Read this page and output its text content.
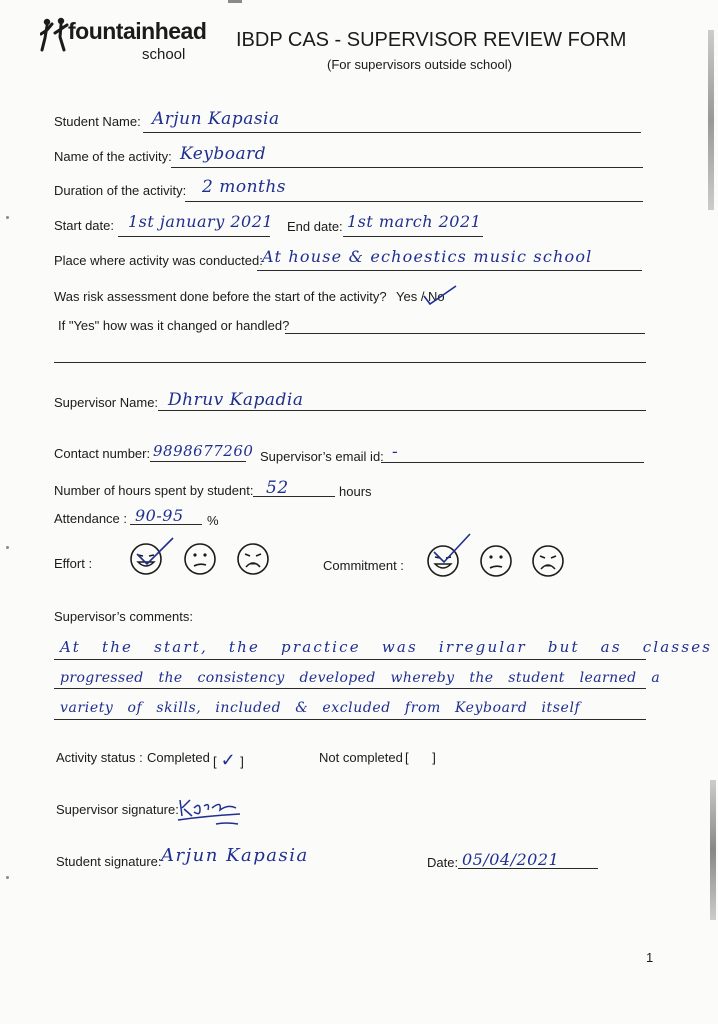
fountainhead
school
IBDP CAS - SUPERVISOR REVIEW FORM
(For supervisors outside school)
Student Name: Arjun Kapasia
Name of the activity: Keyboard
Duration of the activity: 2 months
Start date: 1st january 2021 End date: 1st march 2021
Place where activity was conducted: At house & echoestics music school
Was risk assessment done before the start of the activity? Yes / No
If "Yes" how was it changed or handled?
Supervisor Name: Dhruv Kapadia
Contact number: 9898677260 Supervisor’s email id: -
Number of hours spent by student: 52	hours
Attendance : 90-95 %
Effort :	Commitment :
Supervisor’s comments:
At the start, the practice was irregular but as classes
progressed the consistency developed whereby the student learned a
variety of skills, included & excluded from Keyboard itself
Activity status : Completed [ ✓ ]	Not completed [ ]
Supervisor signature:
Student signature: Arjun Kapasia	Date: 05/04/2021
1
